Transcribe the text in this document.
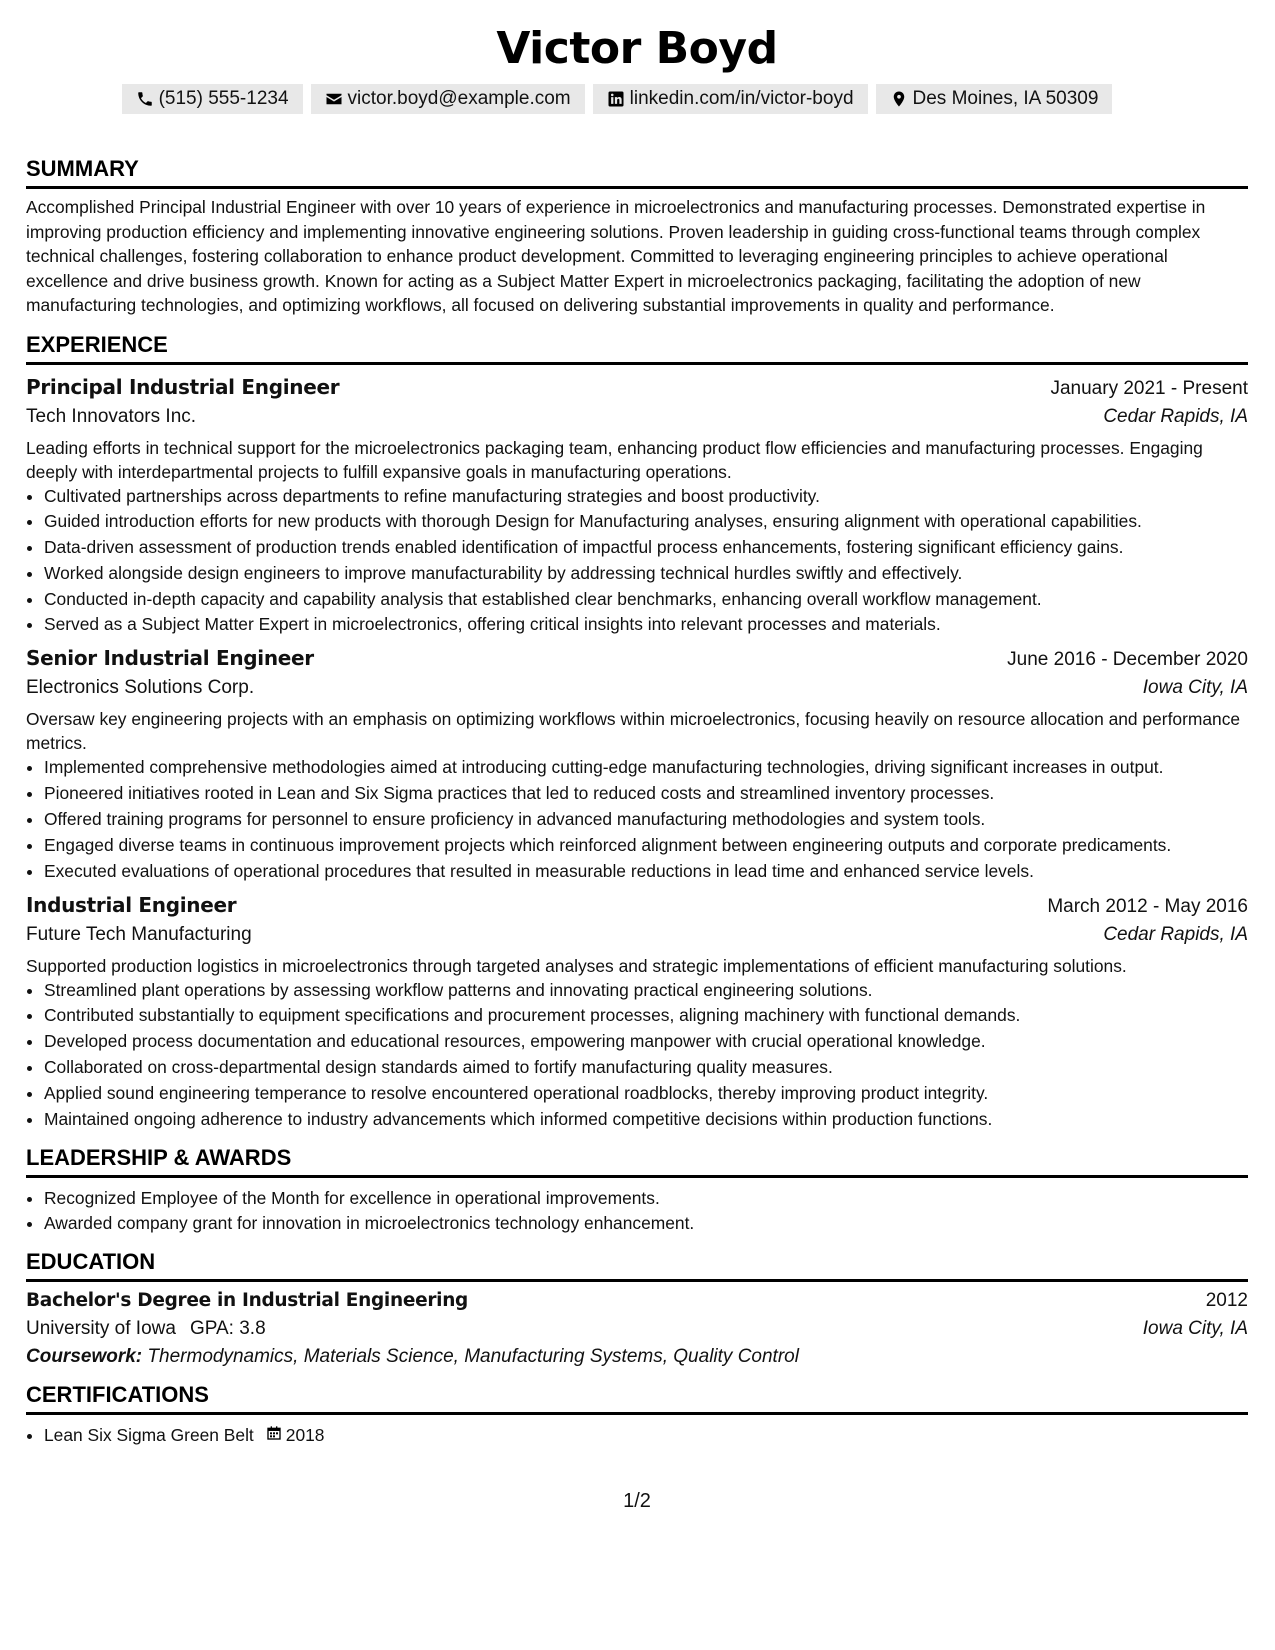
Victor Boyd
(515) 555-1234	victor.boyd@example.com	linkedin.com/in/victor-boyd	Des Moines, IA 50309
SUMMARY
Accomplished Principal Industrial Engineer with over 10 years of experience in microelectronics and manufacturing processes. Demonstrated expertise in improving production efficiency and implementing innovative engineering solutions. Proven leadership in guiding cross-functional teams through complex technical challenges, fostering collaboration to enhance product development. Committed to leveraging engineering principles to achieve operational excellence and drive business growth. Known for acting as a Subject Matter Expert in microelectronics packaging, facilitating the adoption of new manufacturing technologies, and optimizing workflows, all focused on delivering substantial improvements in quality and performance.
EXPERIENCE
Principal Industrial Engineer	January 2021 - Present
Tech Innovators Inc.	Cedar Rapids, IA
Leading efforts in technical support for the microelectronics packaging team, enhancing product flow efficiencies and manufacturing processes. Engaging deeply with interdepartmental projects to fulfill expansive goals in manufacturing operations.
• Cultivated partnerships across departments to refine manufacturing strategies and boost productivity.
• Guided introduction efforts for new products with thorough Design for Manufacturing analyses, ensuring alignment with operational capabilities.
• Data-driven assessment of production trends enabled identification of impactful process enhancements, fostering significant efficiency gains.
• Worked alongside design engineers to improve manufacturability by addressing technical hurdles swiftly and effectively.
• Conducted in-depth capacity and capability analysis that established clear benchmarks, enhancing overall workflow management.
• Served as a Subject Matter Expert in microelectronics, offering critical insights into relevant processes and materials.
Senior Industrial Engineer	June 2016 - December 2020
Electronics Solutions Corp.	Iowa City, IA
Oversaw key engineering projects with an emphasis on optimizing workflows within microelectronics, focusing heavily on resource allocation and performance metrics.
• Implemented comprehensive methodologies aimed at introducing cutting-edge manufacturing technologies, driving significant increases in output.
• Pioneered initiatives rooted in Lean and Six Sigma practices that led to reduced costs and streamlined inventory processes.
• Offered training programs for personnel to ensure proficiency in advanced manufacturing methodologies and system tools.
• Engaged diverse teams in continuous improvement projects which reinforced alignment between engineering outputs and corporate predicaments.
• Executed evaluations of operational procedures that resulted in measurable reductions in lead time and enhanced service levels.
Industrial Engineer	March 2012 - May 2016
Future Tech Manufacturing	Cedar Rapids, IA
Supported production logistics in microelectronics through targeted analyses and strategic implementations of efficient manufacturing solutions.
• Streamlined plant operations by assessing workflow patterns and innovating practical engineering solutions.
• Contributed substantially to equipment specifications and procurement processes, aligning machinery with functional demands.
• Developed process documentation and educational resources, empowering manpower with crucial operational knowledge.
• Collaborated on cross-departmental design standards aimed to fortify manufacturing quality measures.
• Applied sound engineering temperance to resolve encountered operational roadblocks, thereby improving product integrity.
• Maintained ongoing adherence to industry advancements which informed competitive decisions within production functions.
LEADERSHIP & AWARDS
• Recognized Employee of the Month for excellence in operational improvements.
• Awarded company grant for innovation in microelectronics technology enhancement.
EDUCATION
Bachelor's Degree in Industrial Engineering	2012
University of Iowa GPA: 3.8	Iowa City, IA
Coursework: Thermodynamics, Materials Science, Manufacturing Systems, Quality Control
CERTIFICATIONS
• Lean Six Sigma Green Belt 2018
1/2
